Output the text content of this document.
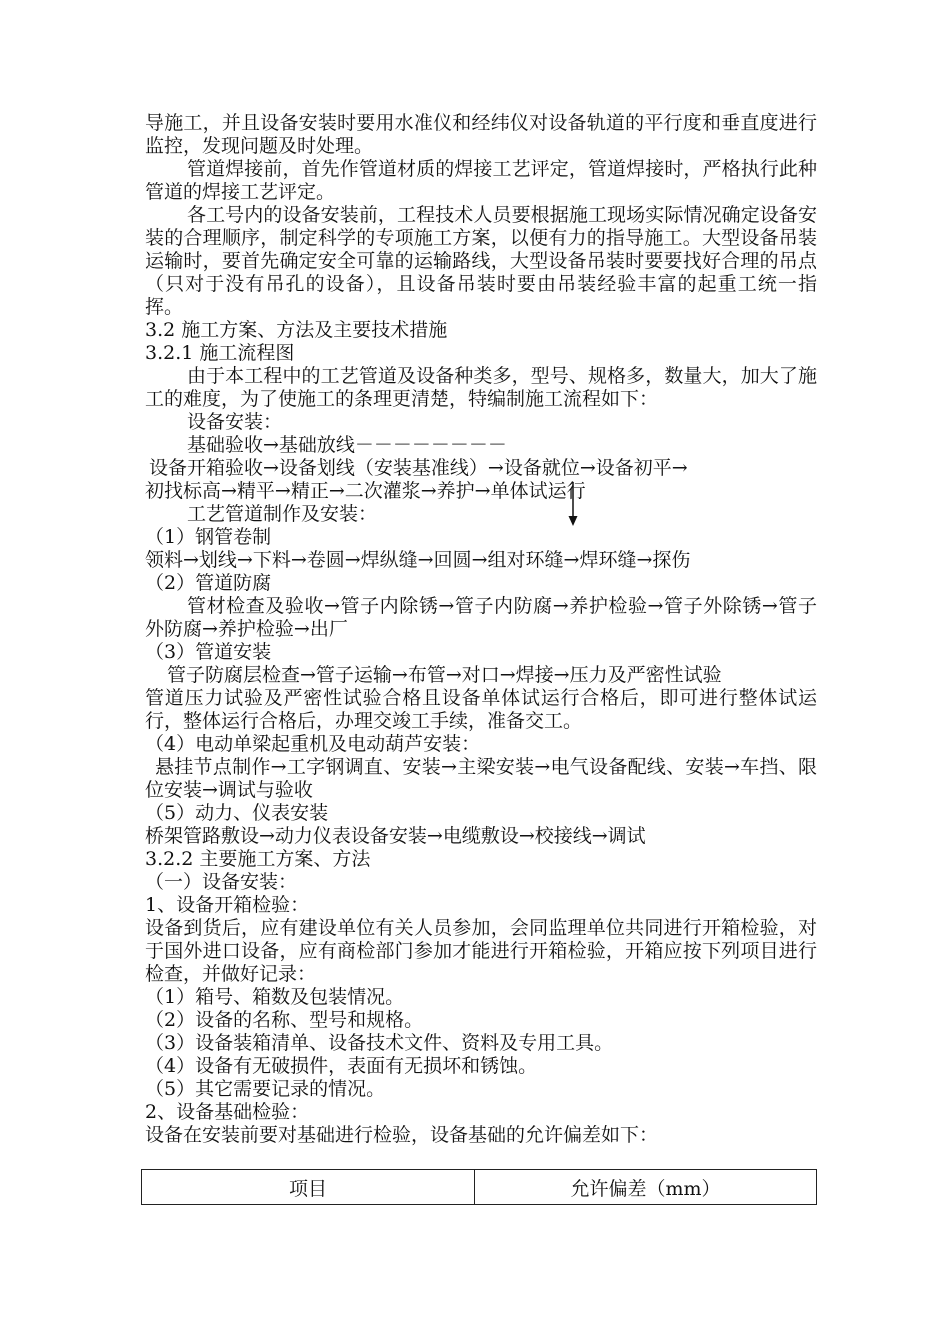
导施工，并且设备安装时要用水准仪和经纬仪对设备轨道的平行度和垂直度进行监控，发现问题及时处理。

管道焊接前，首先作管道材质的焊接工艺评定，管道焊接时，严格执行此种管道的焊接工艺评定。

各工号内的设备安装前，工程技术人员要根据施工现场实际情况确定设备安装的合理顺序，制定科学的专项施工方案，以便有力的指导施工。大型设备吊装运输时，要首先确定安全可靠的运输路线，大型设备吊装时要要找好合理的吊点（只对于没有吊孔的设备），且设备吊装时要由吊装经验丰富的起重工统一指挥。

3.2 施工方案、方法及主要技术措施

3.2.1 施工流程图

由于本工程中的工艺管道及设备种类多，型号、规格多，数量大，加大了施工的难度，为了使施工的条理更清楚，特编制施工流程如下：

设备安装：

基础验收→基础放线－－－－－－－－

设备开箱验收→设备划线（安装基准线）→设备就位→设备初平→

初找标高→精平→精正→二次灌浆→养护→单体试运行

工艺管道制作及安装：

（1）钢管卷制

领料→划线→下料→卷圆→焊纵缝→回圆→组对环缝→焊环缝→探伤

（2）管道防腐

管材检查及验收→管子内除锈→管子内防腐→养护检验→管子外除锈→管子外防腐→养护检验→出厂

（3）管道安装

管子防腐层检查→管子运输→布管→对口→焊接→压力及严密性试验

管道压力试验及严密性试验合格且设备单体试运行合格后，即可进行整体试运行，整体运行合格后，办理交竣工手续，准备交工。

（4）电动单梁起重机及电动葫芦安装：

悬挂节点制作→工字钢调直、安装→主梁安装→电气设备配线、安装→车挡、限位安装→调试与验收

（5）动力、仪表安装

桥架管路敷设→动力仪表设备安装→电缆敷设→校接线→调试

3.2.2 主要施工方案、方法

（一）设备安装：

1、设备开箱检验：

设备到货后，应有建设单位有关人员参加，会同监理单位共同进行开箱检验，对于国外进口设备，应有商检部门参加才能进行开箱检验，开箱应按下列项目进行检查，并做好记录：

（1）箱号、箱数及包装情况。

（2）设备的名称、型号和规格。

（3）设备装箱清单、设备技术文件、资料及专用工具。

（4）设备有无破损件，表面有无损坏和锈蚀。

（5）其它需要记录的情况。

2、设备基础检验：

设备在安装前要对基础进行检验，设备基础的允许偏差如下：

项目	允许偏差（mm）
